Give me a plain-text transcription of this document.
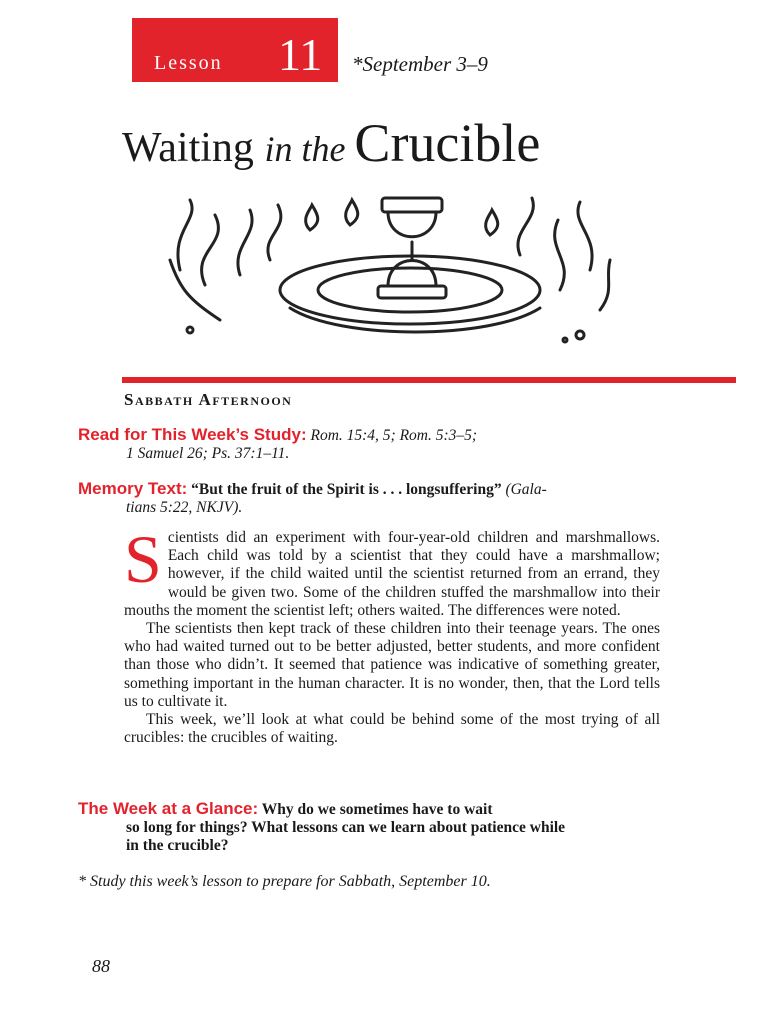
Lesson 11 *September 3–9
Waiting in the Crucible
Sabbath Afternoon
Read for This Week’s Study: Rom. 15:4, 5; Rom. 5:3–5;
1 Samuel 26; Ps. 37:1–11.
Memory Text: “But the fruit of the Spirit is . . . longsuffering” (Gala-
tians 5:22, NKJV).

Scientists did an experiment with four-year-old children and marshmallows. Each child was told by a scientist that they could have a marshmallow; however, if the child waited until the scientist returned from an errand, they would be given two. Some of the children stuffed the marshmallow into their mouths the moment the scientist left; others waited. The differences were noted.

The scientists then kept track of these children into their teenage years. The ones who had waited turned out to be better adjusted, better students, and more confident than those who didn’t. It seemed that patience was indicative of something greater, something important in the human character. It is no wonder, then, that the Lord tells us to cultivate it.

This week, we’ll look at what could be behind some of the most trying of all crucibles: the crucibles of waiting.

The Week at a Glance: Why do we sometimes have to wait
so long for things? What lessons can we learn about patience while
in the crucible?
* Study this week’s lesson to prepare for Sabbath, September 10.
88
